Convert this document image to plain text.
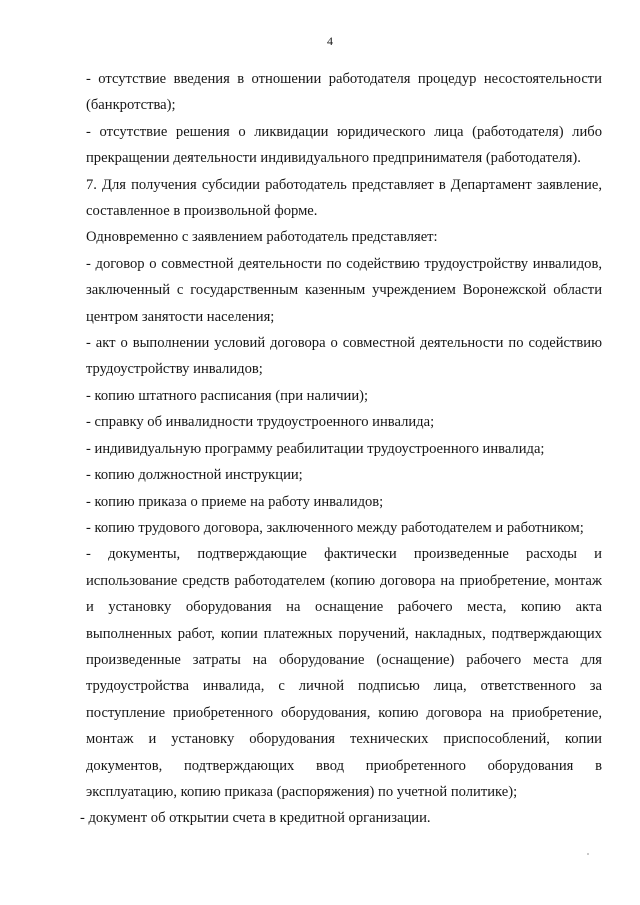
4

- отсутствие введения в отношении работодателя процедур несостоятельности (банкротства);

- отсутствие решения о ликвидации юридического лица (работодателя) либо прекращении деятельности индивидуального предпринимателя (работодателя).

7. Для получения субсидии работодатель представляет в Департамент заявление, составленное в произвольной форме.

Одновременно с заявлением работодатель представляет:

- договор о совместной деятельности по содействию трудоустройству инвалидов, заключенный с государственным казенным учреждением Воронежской области центром занятости населения;

- акт о выполнении условий договора о совместной деятельности по содействию трудоустройству инвалидов;

- копию штатного расписания (при наличии);

- справку об инвалидности трудоустроенного инвалида;

- индивидуальную программу реабилитации трудоустроенного инвалида;

- копию должностной инструкции;

- копию приказа о приеме на работу инвалидов;

- копию трудового договора, заключенного между работодателем и работником;

- документы, подтверждающие фактически произведенные расходы и использование средств работодателем (копию договора на приобретение, монтаж и установку оборудования на оснащение рабочего места, копию акта выполненных работ, копии платежных поручений, накладных, подтверждающих произведенные затраты на оборудование (оснащение) рабочего места для трудоустройства инвалида, с личной подписью лица, ответственного за поступление приобретенного оборудования, копию договора на приобретение, монтаж и установку оборудования технических приспособлений, копии документов, подтверждающих ввод приобретенного оборудования в эксплуатацию, копию приказа (распоряжения) по учетной политике);

- документ об открытии счета в кредитной организации.
